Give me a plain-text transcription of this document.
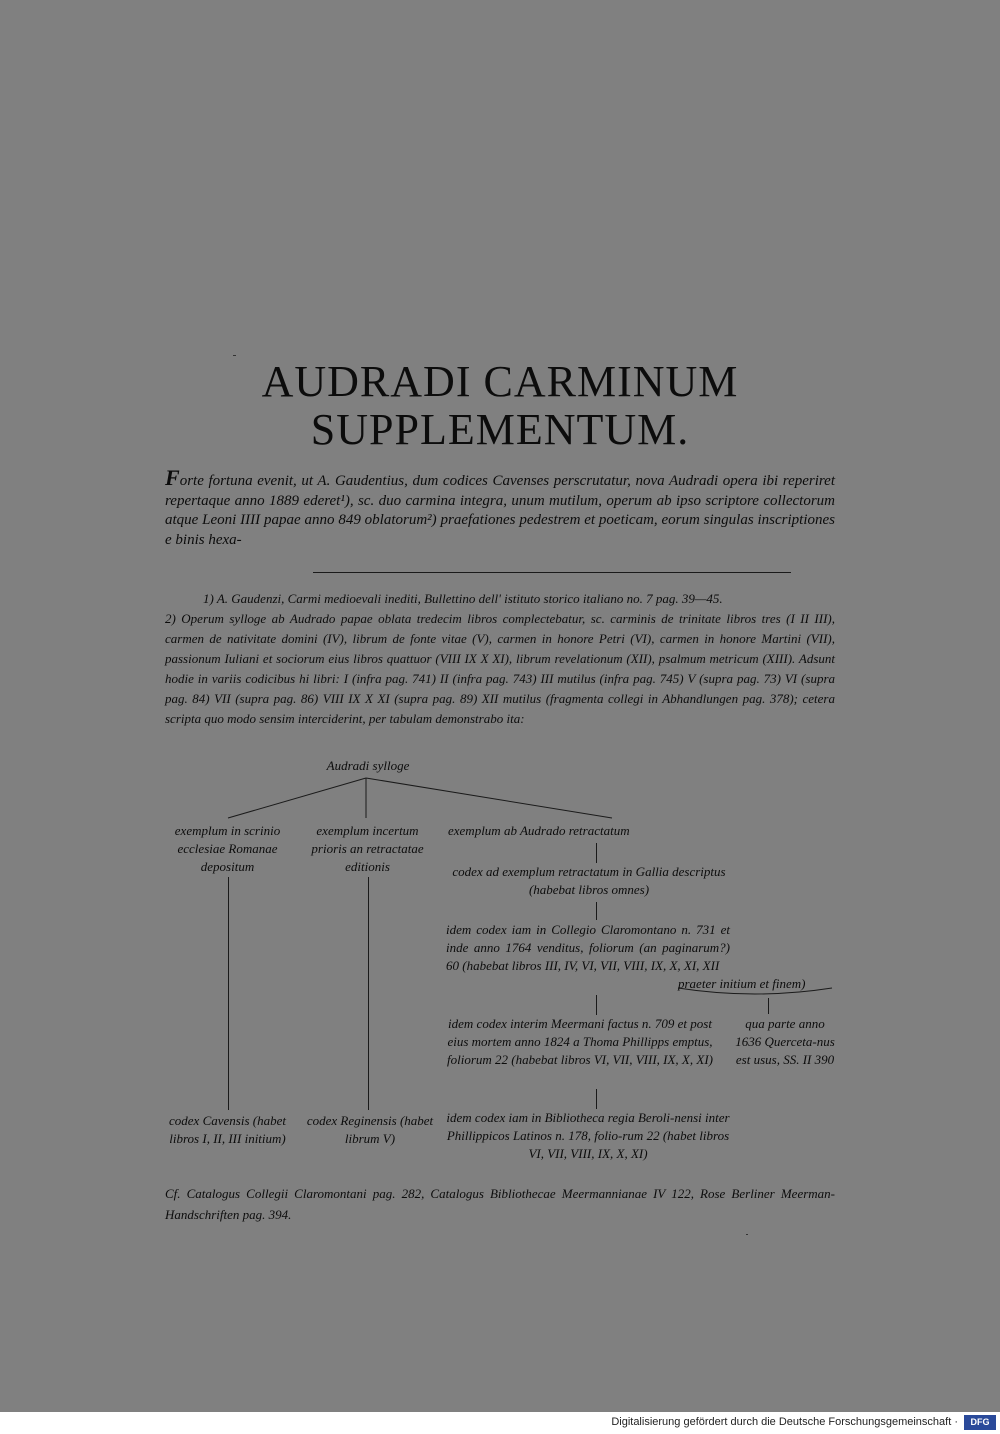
AUDRADI CARMINUM
SUPPLEMENTUM.

Forte fortuna evenit, ut A. Gaudentius, dum codices Cavenses perscrutatur, nova Audradi opera ibi reperiret repertaque anno 1889 ederet¹), sc. duo carmina integra, unum mutilum, operum ab ipso scriptore collectorum atque Leoni IIII papae anno 849 oblatorum²) praefationes pedestrem et poeticam, eorum singulas inscriptiones e binis hexa-

1) A. Gaudenzi, Carmi medioevali inediti, Bullettino dell' istituto storico italiano no. 7 pag. 39—45.

2) Operum sylloge ab Audrado papae oblata tredecim libros complectebatur, sc. carminis de trinitate libros tres (I II III), carmen de nativitate domini (IV), librum de fonte vitae (V), carmen in honore Petri (VI), carmen in honore Martini (VII), passionum Iuliani et sociorum eius libros quattuor (VIII IX X XI), librum revelationum (XII), psalmum metricum (XIII). Adsunt hodie in variis codicibus hi libri: I (infra pag. 741) II (infra pag. 743) III mutilus (infra pag. 745) V (supra pag. 73) VI (supra pag. 84) VII (supra pag. 86) VIII IX X XI (supra pag. 89) XII mutilus (fragmenta collegi in Abhandlungen pag. 378); cetera scripta quo modo sensim interciderint, per tabulam demonstrabo ita:

Audradi sylloge
exemplum in scrinio ecclesiae Romanae depositum
exemplum incertum prioris an retractatae editionis
exemplum ab Audrado retractatum
codex ad exemplum retractatum in Gallia descriptus (habebat libros omnes)
idem codex iam in Collegio Claromontano n. 731 et inde anno 1764 venditus, foliorum (an paginarum?) 60 (habebat libros III, IV, VI, VII, VIII, IX, X, XI, XII
praeter initium et finem)
idem codex interim Meermani factus n. 709 et post eius mortem anno 1824 a Thoma Phillipps emptus, foliorum 22 (habebat libros VI, VII, VIII, IX, X, XI)
qua parte anno 1636 Querceta-nus est usus, SS. II 390
idem codex iam in Bibliotheca regia Beroli-nensi inter Phillippicos Latinos n. 178, folio-rum 22 (habet libros VI, VII, VIII, IX, X, XI)
codex Cavensis (habet libros I, II, III initium)
codex Reginensis (habet librum V)

Cf. Catalogus Collegii Claromontani pag. 282, Catalogus Bibliothecae Meermannianae IV 122, Rose Berliner Meerman-Handschriften pag. 394.

Digitalisierung gefördert durch die Deutsche Forschungsgemeinschaft ·	DFG
